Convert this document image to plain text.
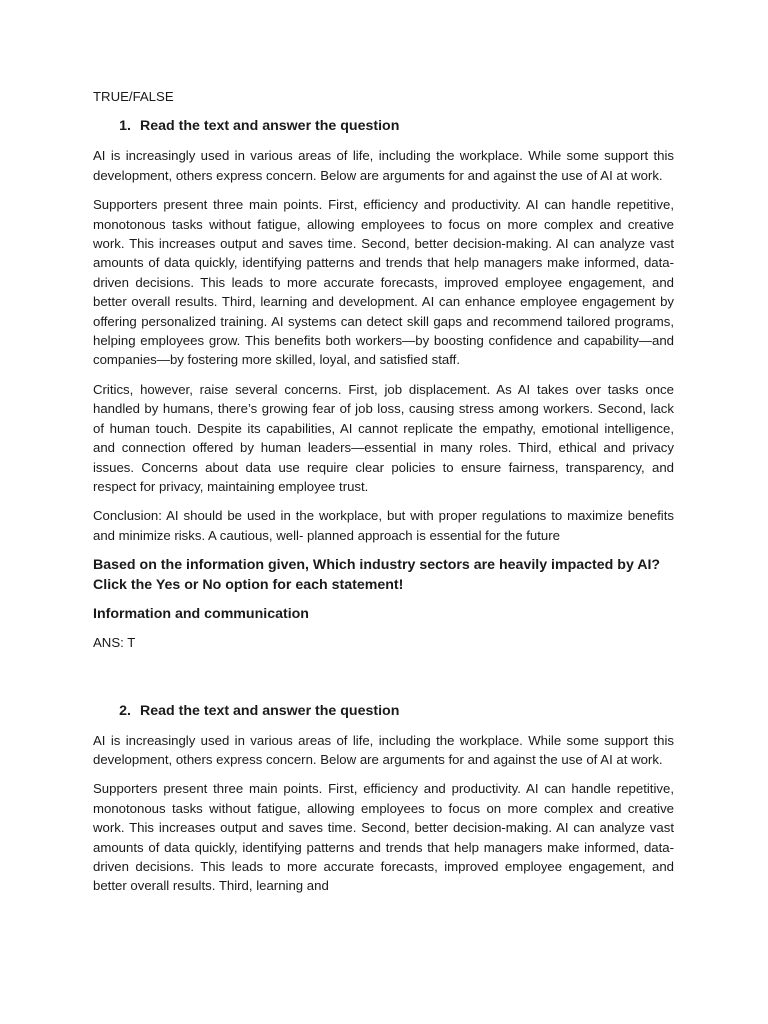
TRUE/FALSE
1. Read the text and answer the question

AI is increasingly used in various areas of life, including the workplace. While some support this development, others express concern. Below are arguments for and against the use of AI at work.

Supporters present three main points. First, efficiency and productivity. AI can handle repetitive, monotonous tasks without fatigue, allowing employees to focus on more complex and creative work. This increases output and saves time. Second, better decision-making. AI can analyze vast amounts of data quickly, identifying patterns and trends that help managers make informed, data-driven decisions. This leads to more accurate forecasts, improved employee engagement, and better overall results. Third, learning and development. AI can enhance employee engagement by offering personalized training. AI systems can detect skill gaps and recommend tailored programs, helping employees grow. This benefits both workers—by boosting confidence and capability—and companies—by fostering more skilled, loyal, and satisfied staff.

Critics, however, raise several concerns. First, job displacement. As AI takes over tasks once handled by humans, there’s growing fear of job loss, causing stress among workers. Second, lack of human touch. Despite its capabilities, AI cannot replicate the empathy, emotional intelligence, and connection offered by human leaders—essential in many roles. Third, ethical and privacy issues. Concerns about data use require clear policies to ensure fairness, transparency, and respect for privacy, maintaining employee trust.

Conclusion: AI should be used in the workplace, but with proper regulations to maximize benefits and minimize risks. A cautious, well- planned approach is essential for the future

Based on the information given, Which industry sectors are heavily impacted by AI? Click the Yes or No option for each statement!

Information and communication

ANS: T

2. Read the text and answer the question

AI is increasingly used in various areas of life, including the workplace. While some support this development, others express concern. Below are arguments for and against the use of AI at work.

Supporters present three main points. First, efficiency and productivity. AI can handle repetitive, monotonous tasks without fatigue, allowing employees to focus on more complex and creative work. This increases output and saves time. Second, better decision-making. AI can analyze vast amounts of data quickly, identifying patterns and trends that help managers make informed, data-driven decisions. This leads to more accurate forecasts, improved employee engagement, and better overall results. Third, learning and
